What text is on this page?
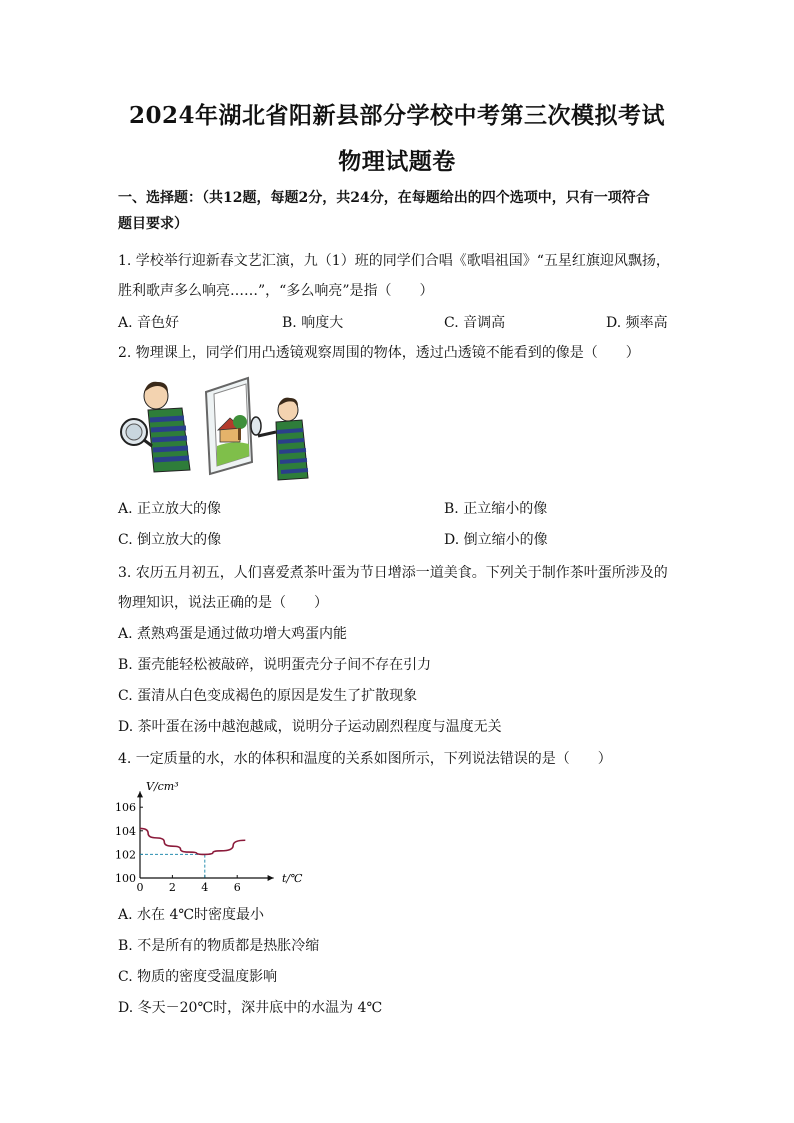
2024年湖北省阳新县部分学校中考第三次模拟考试
物理试题卷
一、选择题：（共12题，每题2分，共24分，在每题给出的四个选项中，只有一项符合
题目要求）
1. 学校举行迎新春文艺汇演，九（1）班的同学们合唱《歌唱祖国》“五星红旗迎风飘扬，
胜利歌声多么响亮……”，“多么响亮”是指（　　）
A. 音色好	B. 响度大	C. 音调高	D. 频率高
2. 物理课上，同学们用凸透镜观察周围的物体，透过凸透镜不能看到的像是（　　）
A. 正立放大的像	B. 正立缩小的像
C. 倒立放大的像	D. 倒立缩小的像
3. 农历五月初五，人们喜爱煮茶叶蛋为节日增添一道美食。下列关于制作茶叶蛋所涉及的
物理知识，说法正确的是（　　）
A. 煮熟鸡蛋是通过做功增大鸡蛋内能
B. 蛋壳能轻松被敲碎，说明蛋壳分子间不存在引力
C. 蛋清从白色变成褐色的原因是发生了扩散现象
D. 茶叶蛋在汤中越泡越咸，说明分子运动剧烈程度与温度无关
4. 一定质量的水，水的体积和温度的关系如图所示，下列说法错误的是（　　）
0 2 4 6
100
102
104
106
V/cm³
t/℃
A. 水在 4℃时密度最小
B. 不是所有的物质都是热胀冷缩
C. 物质的密度受温度影响
D. 冬天－20℃时，深井底中的水温为 4℃
